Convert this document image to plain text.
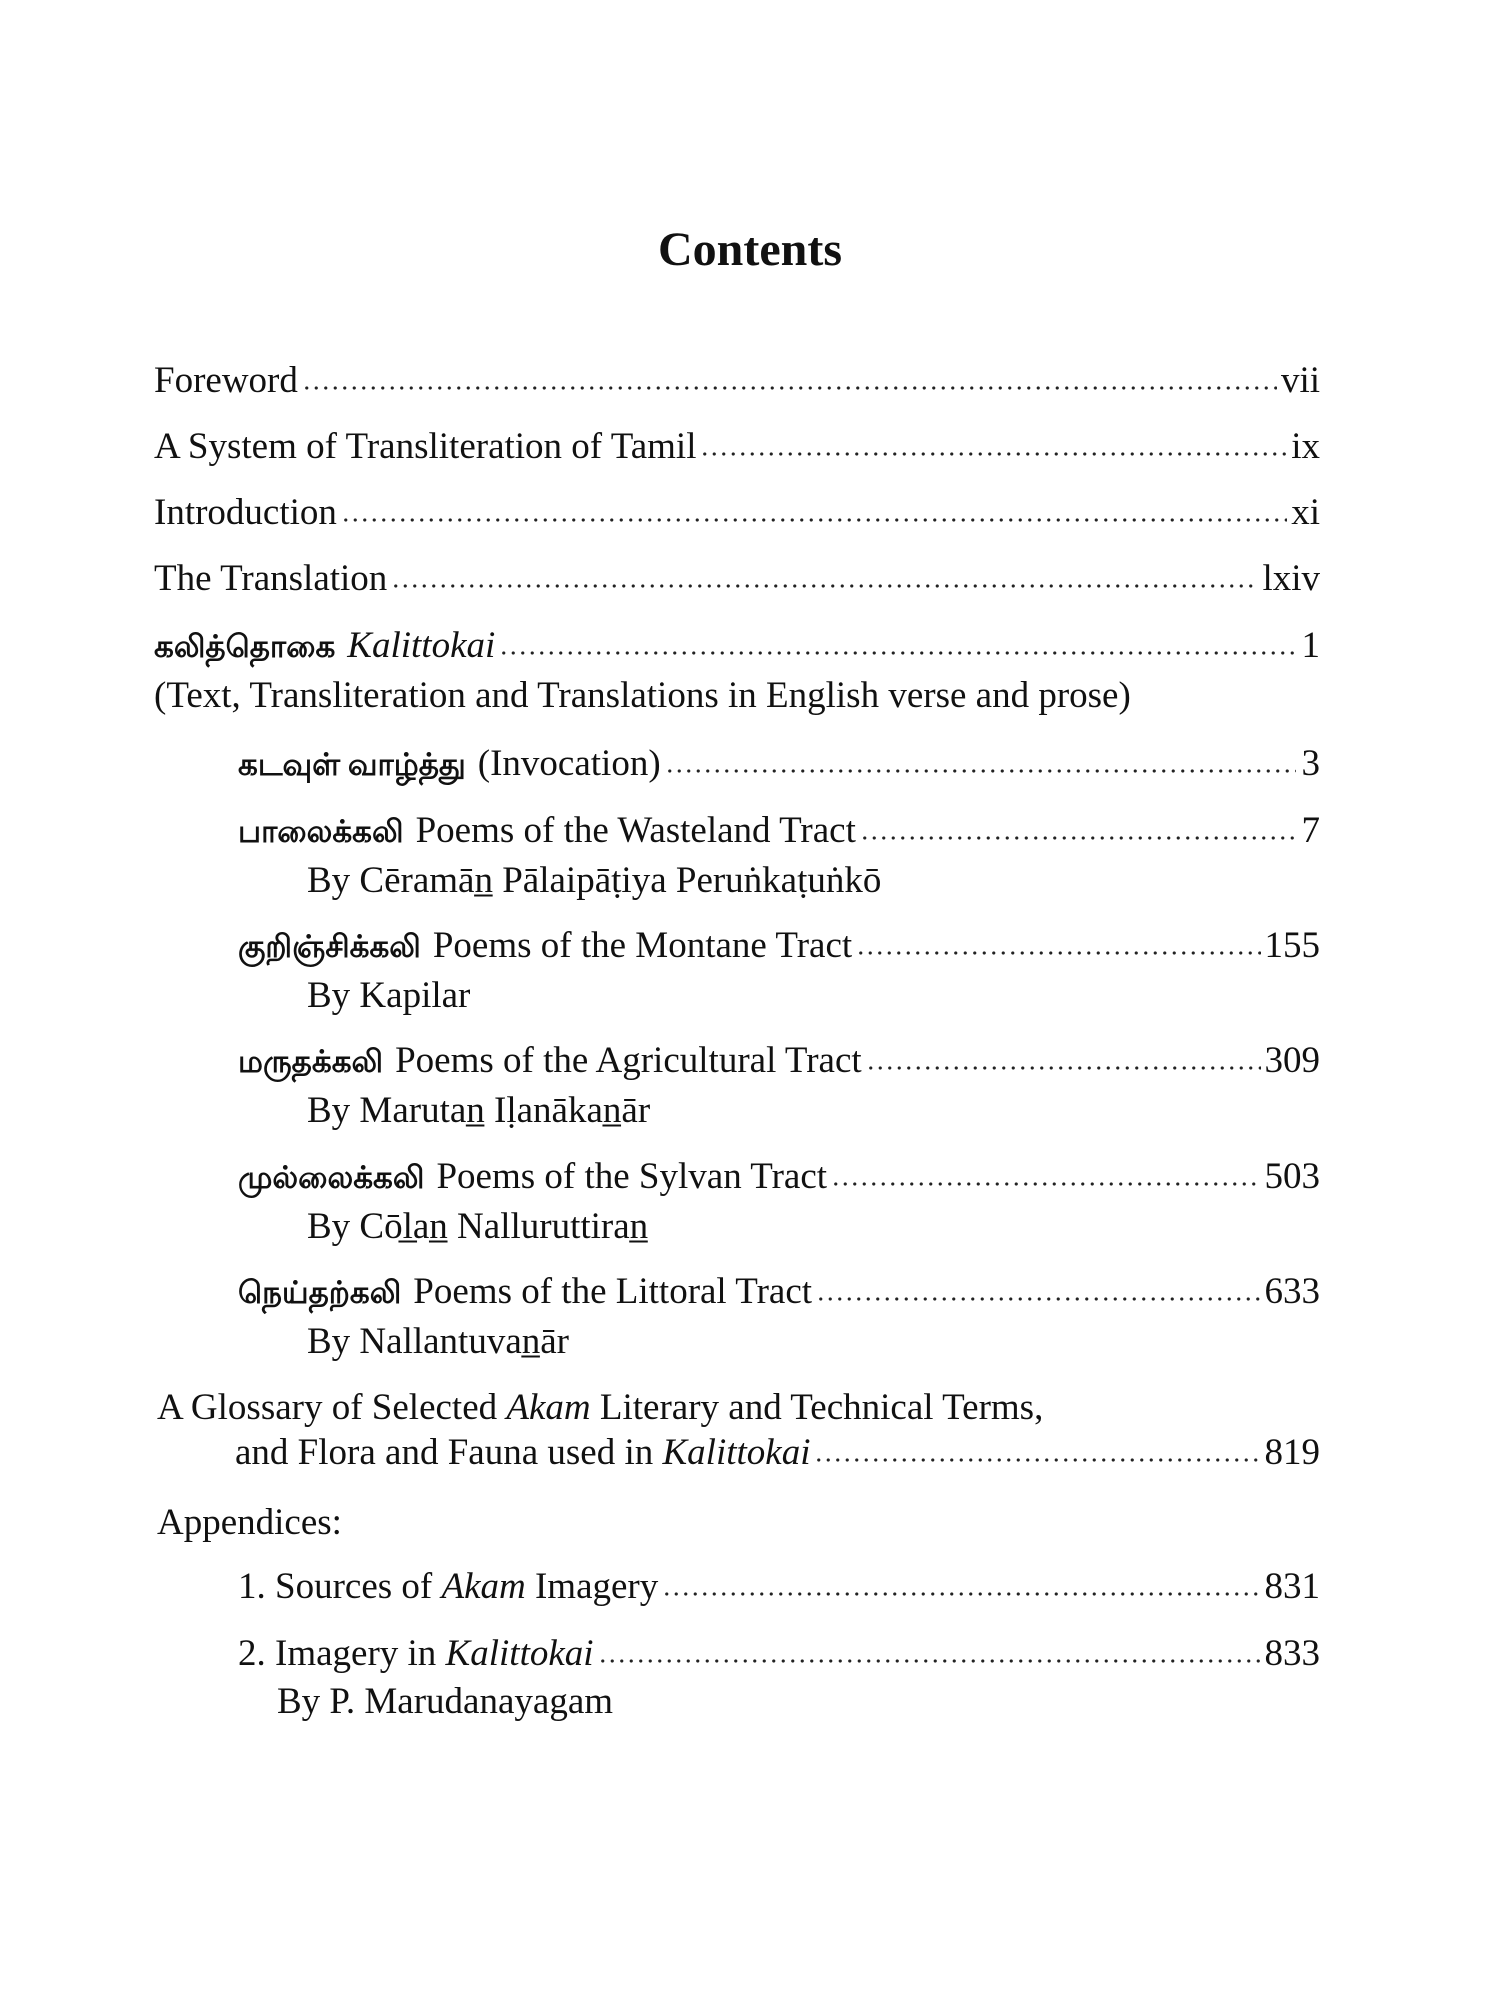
Contents
Foreword	vii
A System of Transliteration of Tamil	ix
Introduction	xi
The Translation	lxiv
கலித்தொகை Kalittokai	1
(Text, Transliteration and Translations in English verse and prose)
கடவுள் வாழ்த்து (Invocation)	3
பாலைக்கலி Poems of the Wasteland Tract	7
By Cēramān̲ Pālaipāṭiya Peruṅkaṭuṅkō
குறிஞ்சிக்கலி Poems of the Montane Tract	155
By Kapilar
மருதக்கலி Poems of the Agricultural Tract	309
By Marutan̲ Iḷanākan̲ār
முல்லைக்கலி Poems of the Sylvan Tract	503
By Cōl̲an̲ Nalluruttiran̲
நெய்தற்கலி Poems of the Littoral Tract	633
By Nallantuvan̲ār
A Glossary of Selected Akam Literary and Technical Terms,
and Flora and Fauna used in Kalittokai	819
Appendices:
1. Sources of Akam Imagery	831
2. Imagery in Kalittokai	833
By P. Marudanayagam
